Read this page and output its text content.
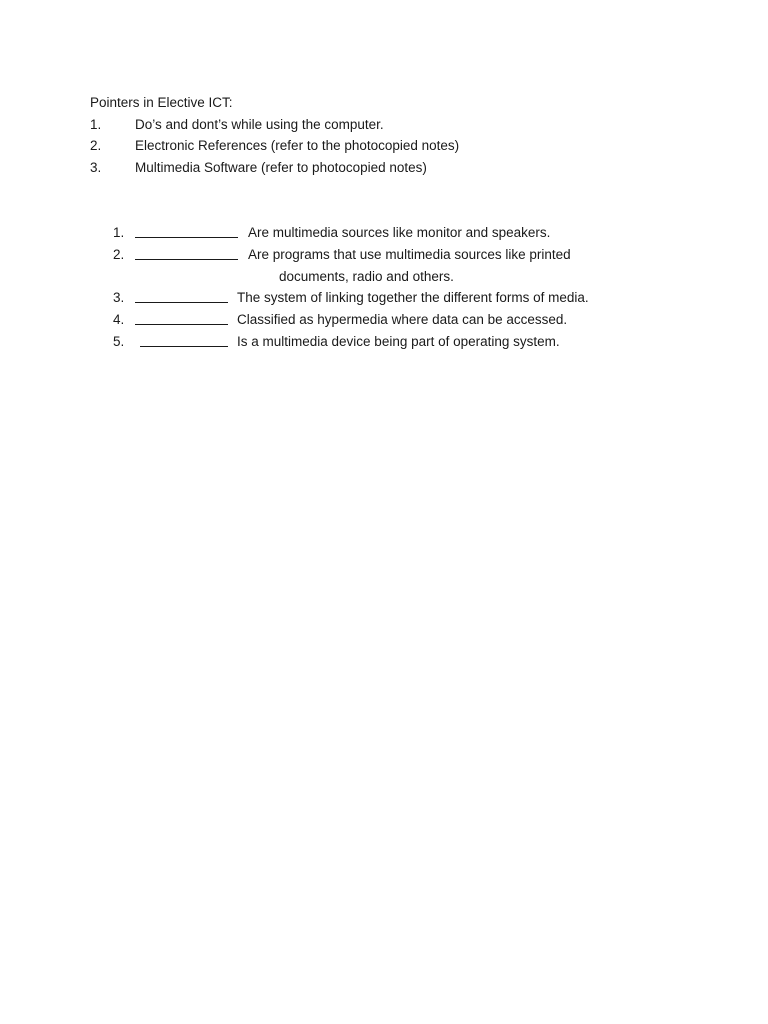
Pointers in Elective ICT:
1. Do’s and dont’s while using the computer.
2. Electronic References (refer to the photocopied notes)
3. Multimedia Software (refer to photocopied notes)
1.	Are multimedia sources like monitor and speakers.
2.	Are programs that use multimedia sources like printed
documents, radio and others.
3.	The system of linking together the different forms of media.
4.	Classified as hypermedia where data can be accessed.
5.	Is a multimedia device being part of operating system.
